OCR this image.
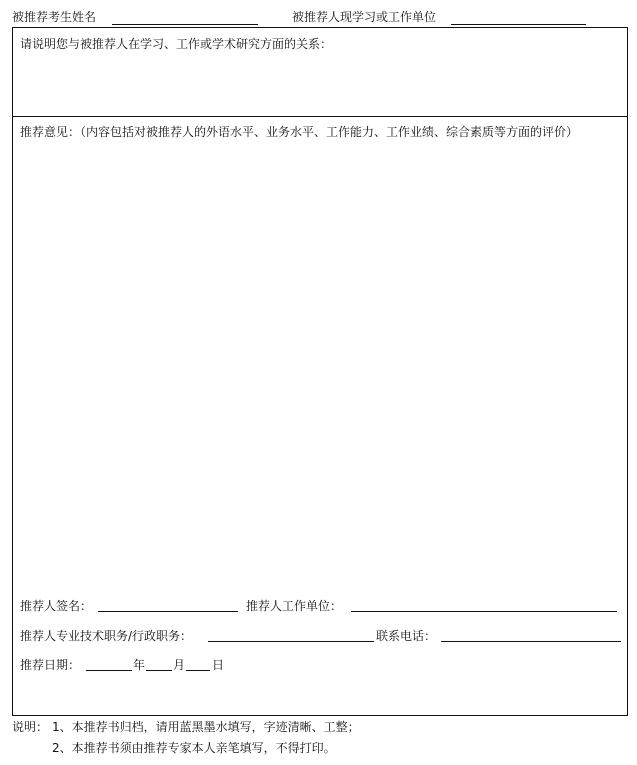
被推荐考生姓名	被推荐人现学习或工作单位
请说明您与被推荐人在学习、工作或学术研究方面的关系：
推荐意见：（内容包括对被推荐人的外语水平、业务水平、工作能力、工作业绩、综合素质等方面的评价）
推荐人签名：	推荐人工作单位：
推荐人专业技术职务/行政职务：	联系电话：
推荐日期：	年 月 日
说明： 1、本推荐书归档，请用蓝黑墨水填写，字迹清晰、工整；
2、本推荐书须由推荐专家本人亲笔填写，不得打印。
